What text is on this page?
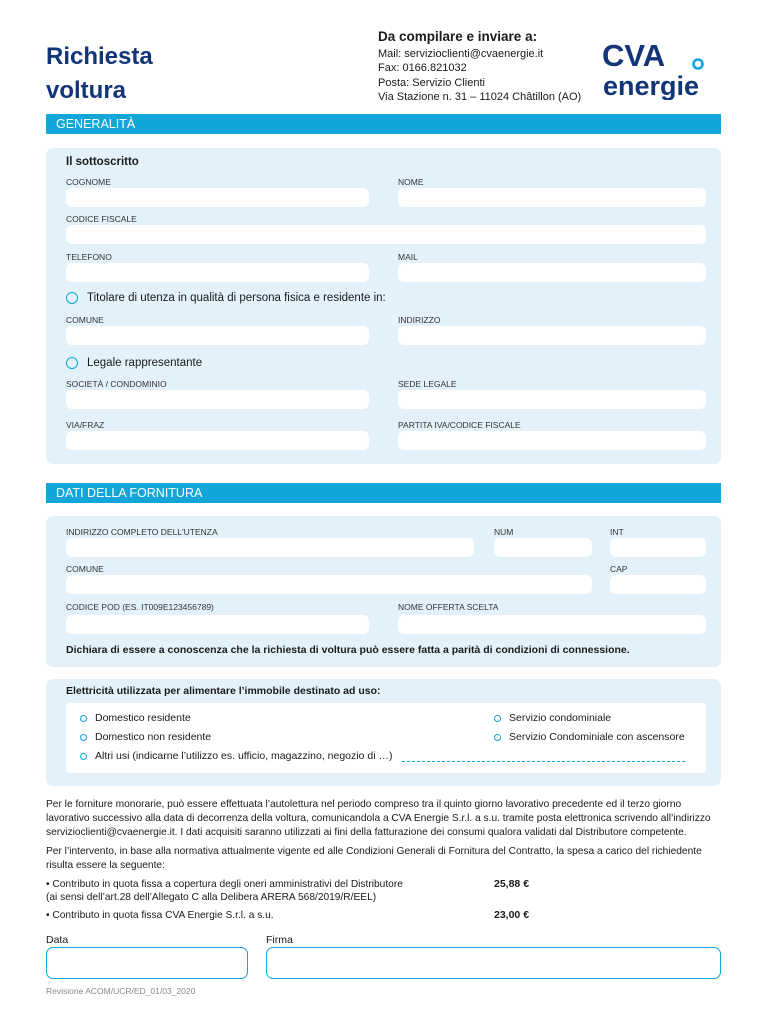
Richiesta
voltura
Da compilare e inviare a:
Mail: servizioclienti@cvaenergie.it
Fax: 0166.821032
Posta: Servizio Clienti
Via Stazione n. 31 – 11024 Châtillon (AO)
CVA
energie
GENERALITÀ
Il sottoscritto
COGNOME	NOME
CODICE FISCALE
TELEFONO	MAIL
Titolare di utenza in qualità di persona fisica e residente in:
COMUNE	INDIRIZZO
Legale rappresentante
SOCIETÀ / CONDOMINIO	SEDE LEGALE
VIA/FRAZ	PARTITA IVA/CODICE FISCALE
DATI DELLA FORNITURA
INDIRIZZO COMPLETO DELL'UTENZA	NUM	INT
COMUNE	CAP
CODICE POD (ES. IT009E123456789)	NOME OFFERTA SCELTA
Dichiara di essere a conoscenza che la richiesta di voltura può essere fatta a parità di condizioni di connessione.
Elettricità utilizzata per alimentare l’immobile destinato ad uso:
Domestico residente
Domestico non residente
Altri usi (indicarne l’utilizzo es. ufficio, magazzino, negozio di …)
Servizio condominiale
Servizio Condominiale con ascensore
Per le forniture monorarie, può essere effettuata l’autolettura nel periodo compreso tra il quinto giorno lavorativo precedente ed il terzo giorno lavorativo successivo alla data di decorrenza della voltura, comunicandola a CVA Energie S.r.l. a s.u. tramite posta elettronica scrivendo all’indirizzo servizioclienti@cvaenergie.it. I dati acquisiti saranno utilizzati ai fini della fatturazione dei consumi qualora validati dal Distributore competente.
Per l’intervento, in base alla normativa attualmente vigente ed alle Condizioni Generali di Fornitura del Contratto, la spesa a carico del richiedente risulta essere la seguente:
• Contributo in quota fissa a copertura degli oneri amministrativi del Distributore
(ai sensi dell’art.28 dell’Allegato C alla Delibera ARERA 568/2019/R/EEL)
25,88 €
• Contributo in quota fissa CVA Energie S.r.l. a s.u.	23,00 €
Data	Firma
Revisione ACOM/UCR/ED_01/03_2020
